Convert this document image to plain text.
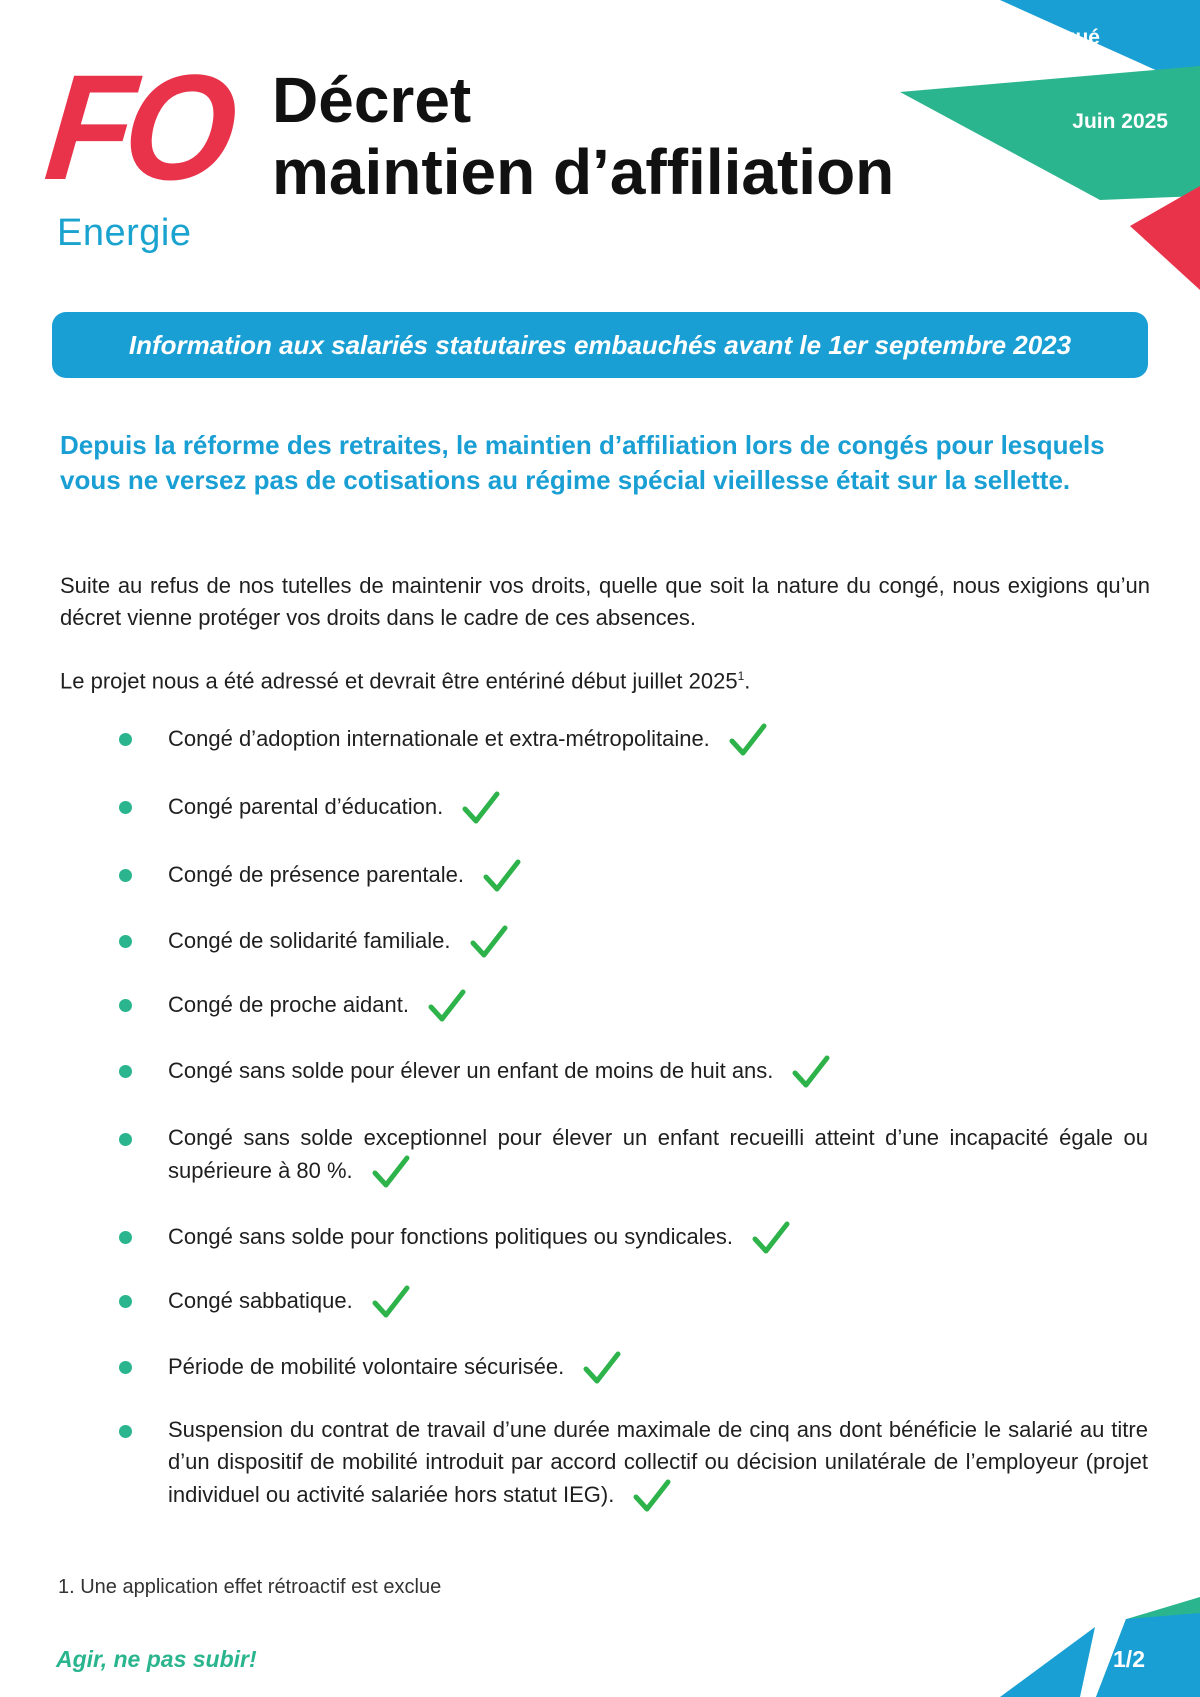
Communiqué
Juin 2025
FO
Energie
Décret
maintien d’affiliation
Information aux salariés statutaires embauchés avant le 1er septembre 2023

Depuis la réforme des retraites, le maintien d’affiliation lors de congés pour lesquels vous ne versez pas de cotisations au régime spécial vieillesse était sur la sellette.

Suite au refus de nos tutelles de maintenir vos droits, quelle que soit la nature du congé, nous exigions qu’un décret vienne protéger vos droits dans le cadre de ces absences.

Le projet nous a été adressé et devrait être entériné début juillet 2025$^1$.

Congé d’adoption internationale et extra-métropolitaine.
Congé parental d’éducation.
Congé de présence parentale.
Congé de solidarité familiale.
Congé de proche aidant.
Congé sans solde pour élever un enfant de moins de huit ans.
Congé sans solde exceptionnel pour élever un enfant recueilli atteint d’une incapacité égale ou supérieure à 80 %.
Congé sans solde pour fonctions politiques ou syndicales.
Congé sabbatique.
Période de mobilité volontaire sécurisée.
Suspension du contrat de travail d’une durée maximale de cinq ans dont bénéficie le salarié au titre d’un dispositif de mobilité introduit par accord collectif ou décision unilatérale de l’employeur (projet individuel ou activité salariée hors statut IEG).
1. Une application effet rétroactif est exclue
Agir, ne pas subir!	1/2
